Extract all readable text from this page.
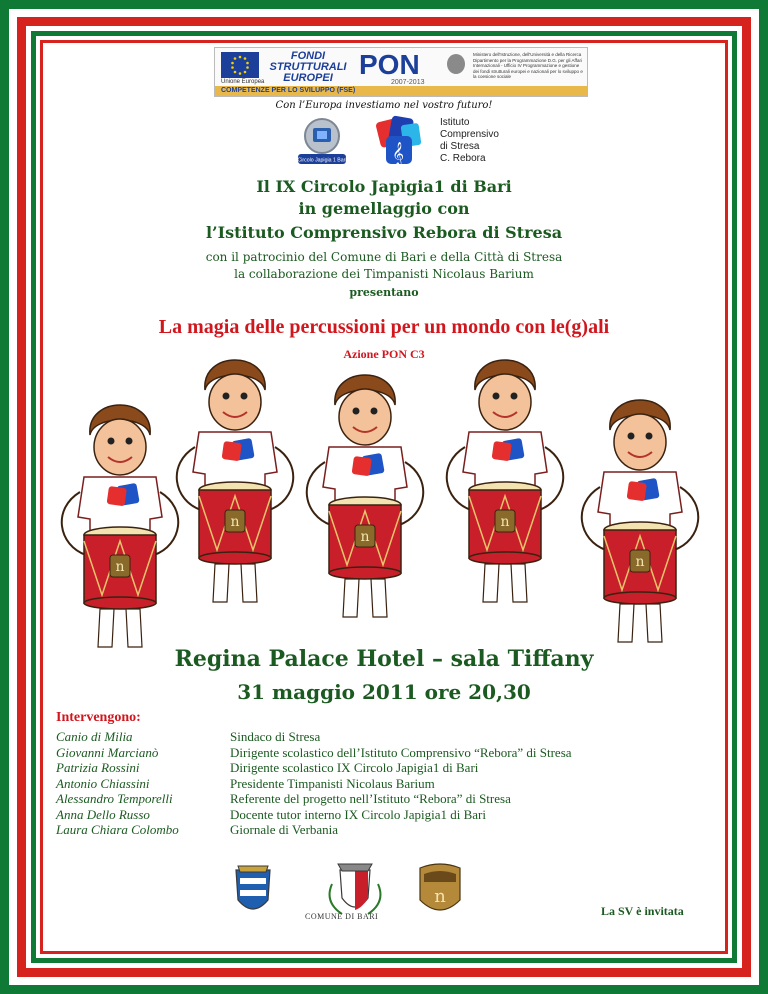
Unione Europea
FONDI STRUTTURALI EUROPEI PON
2007-2013
Ministero dell'Istruzione, dell'Università e della Ricerca Dipartimento per la Programmazione D.G. per gli Affari Internazionali - Ufficio IV Programmazione e gestione dei fondi strutturali europei e nazionali per lo sviluppo e la coesione sociale
COMPETENZE PER LO SVILUPPO (FSE)
Con l’Europa investiamo nel vostro futuro!
Circolo Japigia 1 Bari 𝄞
Istituto
Comprensivo
di Stresa
C. Rebora
Il IX Circolo Japigia1 di Bari
in gemellaggio con
l’Istituto Comprensivo Rebora di Stresa
con il patrocinio del Comune di Bari e della Città di Stresa
la collaborazione dei Timpanisti Nicolaus Barium
presentano
La magia delle percussioni per un mondo con le(g)ali
Azione PON C3
n
Regina Palace Hotel – sala Tiffany
31 maggio 2011 ore 20,30
Intervengono:
Canio di Milia
Giovanni Marcianò
Patrizia Rossini
Antonio Chiassini
Alessandro Temporelli
Anna Dello Russo
Laura Chiara Colombo
Sindaco di Stresa
Dirigente scolastico dell’Istituto Comprensivo “Rebora” di Stresa
Dirigente scolastico IX Circolo Japigia1 di Bari
Presidente Timpanisti Nicolaus Barium
Referente del progetto nell’Istituto “Rebora” di Stresa
Docente tutor interno IX Circolo Japigia1 di Bari
Giornale di Verbania
n
COMUNE DI BARI	La SV è invitata
